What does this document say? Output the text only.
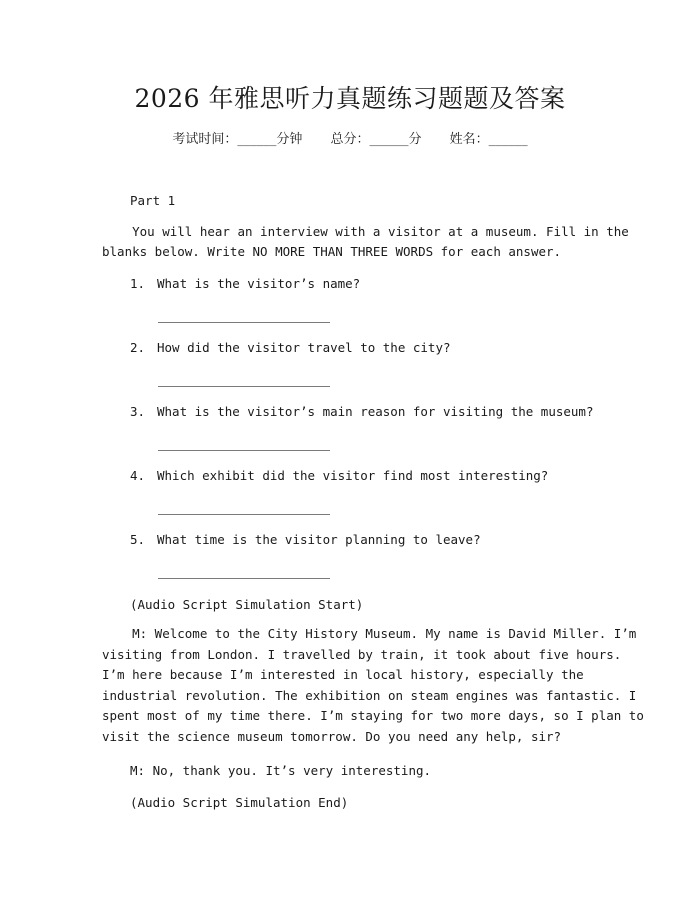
2026 年雅思听力真题练习题题及答案
考试时间：______分钟 总分：______分 姓名：______
Part 1
You will hear an interview with a visitor at a museum. Fill in the
blanks below. Write NO MORE THAN THREE WORDS for each answer.
1. What is the visitor’s name?
2. How did the visitor travel to the city?
3. What is the visitor’s main reason for visiting the museum?
4. Which exhibit did the visitor find most interesting?
5. What time is the visitor planning to leave?
(Audio Script Simulation Start)
M: Welcome to the City History Museum. My name is David Miller. I’m
visiting from London. I travelled by train, it took about five hours.
I’m here because I’m interested in local history, especially the
industrial revolution. The exhibition on steam engines was fantastic. I
spent most of my time there. I’m staying for two more days, so I plan to
visit the science museum tomorrow. Do you need any help, sir?
M: No, thank you. It’s very interesting.
(Audio Script Simulation End)
